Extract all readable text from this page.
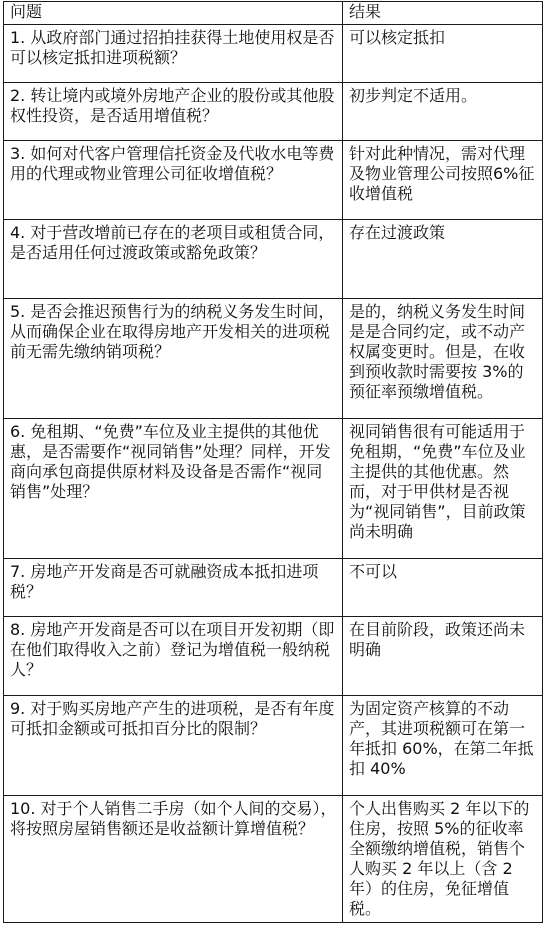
问题	结果
1. 从政府部门通过招拍挂获得土地使用权是否可以核定抵扣进项税额？	可以核定抵扣
2. 转让境内或境外房地产企业的股份或其他股权性投资，是否适用增值税？	初步判定不适用。
3. 如何对代客户管理信托资金及代收水电等费用的代理或物业管理公司征收增值税？	针对此种情况，需对代理及物业管理公司按照6%征收增值税
4. 对于营改增前已存在的老项目或租赁合同，是否适用任何过渡政策或豁免政策？	存在过渡政策
5. 是否会推迟预售行为的纳税义务发生时间，从而确保企业在取得房地产开发相关的进项税前无需先缴纳销项税？	是的，纳税义务发生时间是是合同约定，或不动产权属变更时。但是，在收到预收款时需要按 3%的预征率预缴增值税。
6. 免租期、“免费”车位及业主提供的其他优惠，是否需要作“视同销售”处理？同样，开发商向承包商提供原材料及设备是否需作“视同销售”处理？	视同销售很有可能适用于免租期，“免费”车位及业主提供的其他优惠。然而，对于甲供材是否视为“视同销售”，目前政策尚未明确
7. 房地产开发商是否可就融资成本抵扣进项税？	不可以
8. 房地产开发商是否可以在项目开发初期（即在他们取得收入之前）登记为增值税一般纳税人？	在目前阶段，政策还尚未明确
9. 对于购买房地产产生的进项税，是否有年度可抵扣金额或可抵扣百分比的限制？	为固定资产核算的不动产，其进项税额可在第一年抵扣 60%，在第二年抵扣 40%
10. 对于个人销售二手房（如个人间的交易），将按照房屋销售额还是收益额计算增值税？	个人出售购买 2 年以下的住房，按照 5%的征收率全额缴纳增值税，销售个人购买 2 年以上（含 2 年）的住房，免征增值税。
